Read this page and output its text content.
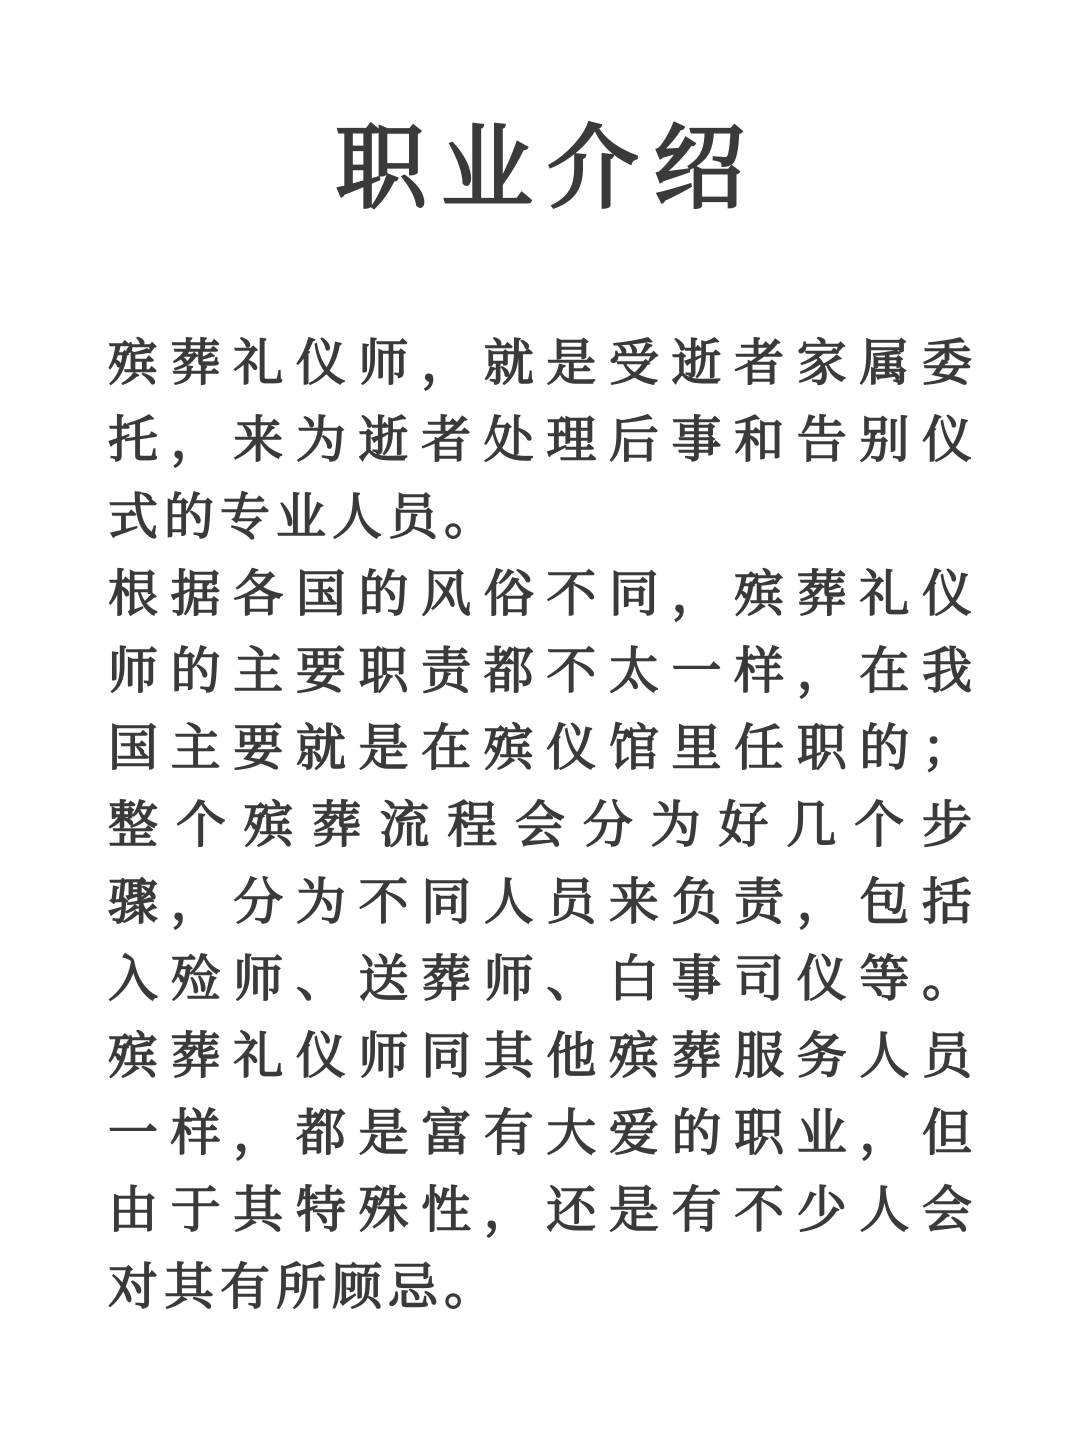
职业介绍
殡葬礼仪师，就是受逝者家属委
托，来为逝者处理后事和告别仪
式的专业人员。
根据各国的风俗不同，殡葬礼仪
师的主要职责都不太一样，在我
国主要就是在殡仪馆里任职的；
整个殡葬流程会分为好几个步
骤，分为不同人员来负责，包括
入殓师、送葬师、白事司仪等。
殡葬礼仪师同其他殡葬服务人员
一样，都是富有大爱的职业，但
由于其特殊性，还是有不少人会
对其有所顾忌。
